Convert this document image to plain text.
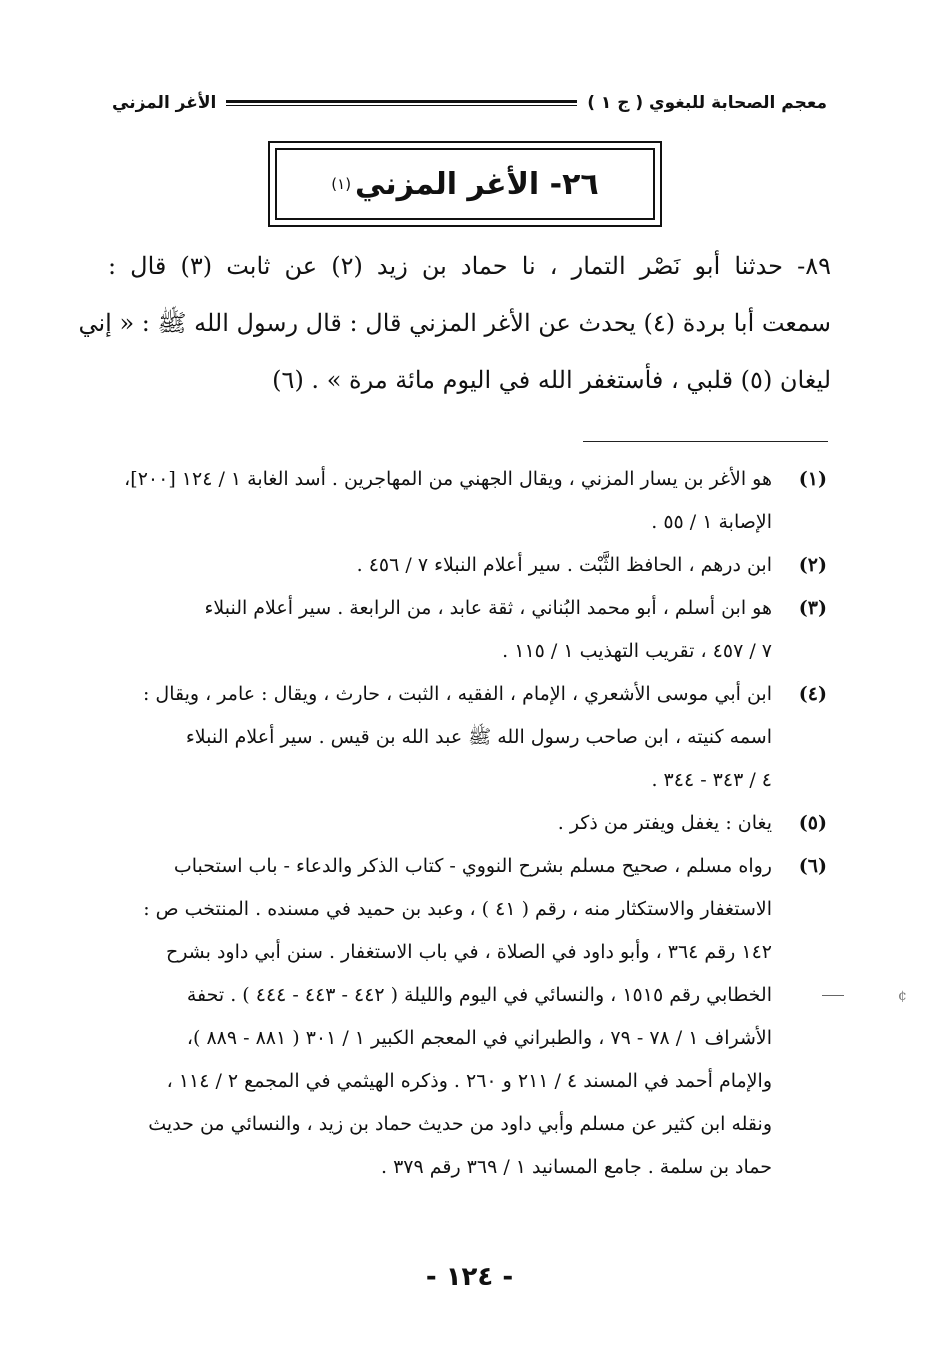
معجم الصحابة للبغوي ( ج ١ )
الأغر المزني
٢٦- الأغر المزني
(١)
٨٩- حدثنا أبو نَصْر التمار ، نا حماد بن زيد (٢) عن ثابت (٣) قال :
سمعت أبا بردة (٤) يحدث عن الأغر المزني قال : قال رسول الله ﷺ : « إني
ليغان (٥) قلبي ، فأستغفر الله في اليوم مائة مرة » . (٦)
(١)
هو الأغر بن يسار المزني ، ويقال الجهني من المهاجرين . أسد الغابة ١ / ١٢٤ [٢٠٠]،
الإصابة ١ / ٥٥ .
(٢)
ابن درهم ، الحافظ الثَّبْت . سير أعلام النبلاء ٧ / ٤٥٦ .
(٣)
هو ابن أسلم ، أبو محمد البُناني ، ثقة عابد ، من الرابعة . سير أعلام النبلاء
٧ / ٤٥٧ ، تقريب التهذيب ١ / ١١٥ .
(٤)
ابن أبي موسى الأشعري ، الإمام ، الفقيه ، الثبت ، حارث ، ويقال : عامر ، ويقال :
اسمه كنيته ، ابن صاحب رسول الله ﷺ عبد الله بن قيس . سير أعلام النبلاء
٤ / ٣٤٣ - ٣٤٤ .
(٥)
يغان : يغفل ويفتر من ذكر .
(٦)
رواه مسلم ، صحيح مسلم بشرح النووي - كتاب الذكر والدعاء - باب استحباب
الاستغفار والاستكثار منه ، رقم ( ٤١ ) ، وعبد بن حميد في مسنده . المنتخب ص :
١٤٢ رقم ٣٦٤ ، وأبو داود في الصلاة ، في باب الاستغفار . سنن أبي داود بشرح
الخطابي رقم ١٥١٥ ، والنسائي في اليوم والليلة ( ٤٤٢ - ٤٤٣ - ٤٤٤ ) . تحفة
الأشراف ١ / ٧٨ - ٧٩ ، والطبراني في المعجم الكبير ١ / ٣٠١ ( ٨٨١ - ٨٨٩ )،
والإمام أحمد في المسند ٤ / ٢١١ و ٢٦٠ . وذكره الهيثمي في المجمع ٢ / ١١٤ ،
ونقله ابن كثير عن مسلم وأبي داود من حديث حماد بن زيد ، والنسائي من حديث
حماد بن سلمة . جامع المسانيد ١ / ٣٦٩ رقم ٣٧٩ .
¢
- ١٢٤ -
